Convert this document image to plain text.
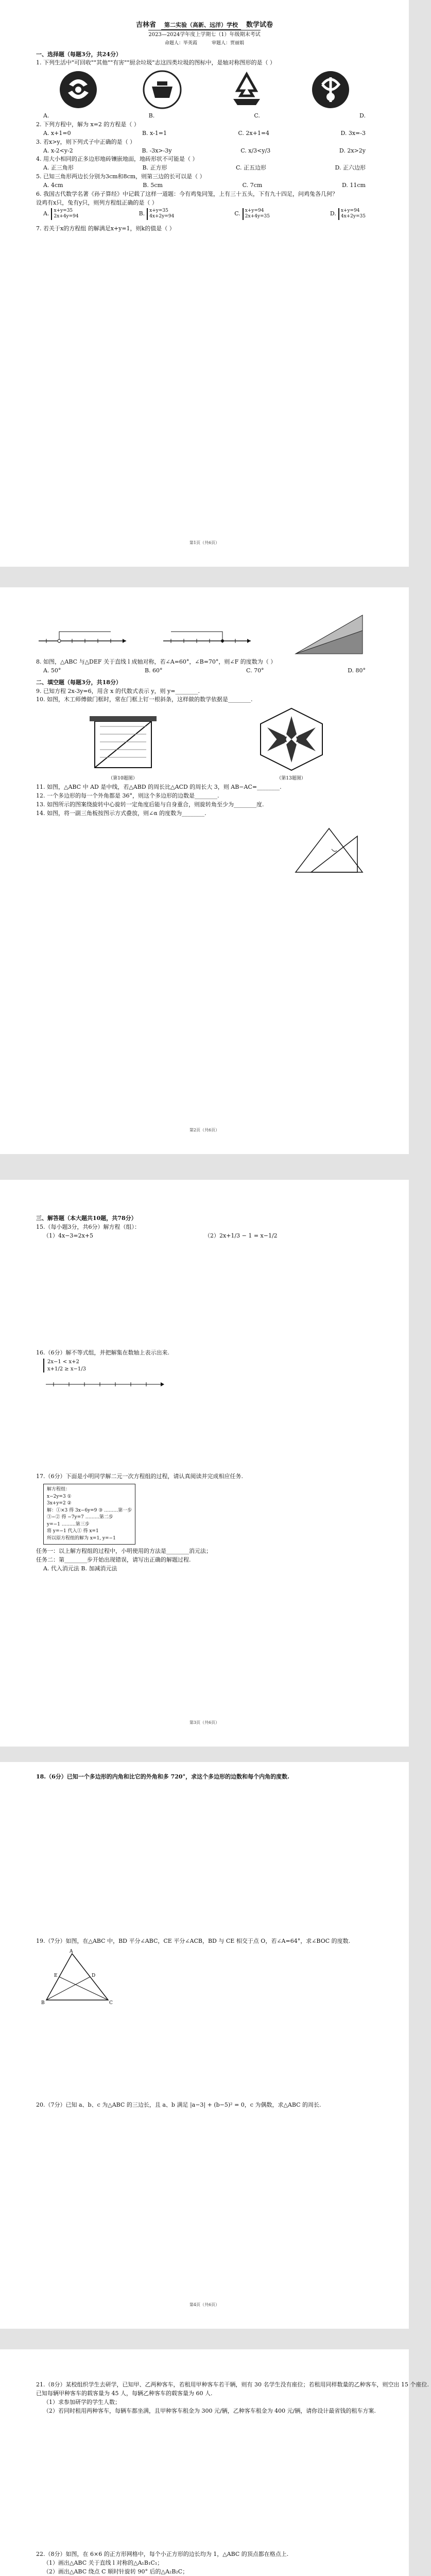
吉林省	第二实验（高新、远洋）学校	数学试卷
2023—2024学年度上学期七（1）年级期末考试
命题人：毕英霞	审题人：贾丽娟
一、选择题（每题3分，共24分）
1. 下列生活中"可回收""其他""有害""厨余垃圾"志这四类垃圾的图标中，是轴对称图形的是（ ）
A.	B.	C.	D.
2. 下列方程中，解为 x=2 的方程是（ ）
A. x+1=0	B. x-1=1	C. 2x+1=4	D. 3x=-3
3. 若x>y，则下列式子中正确的是（ ）
A. x-2<y-2	B. -3x>-3y	C. x/3<y/3	D. 2x>2y
4. 用大小相同的正多边形地砖镶嵌地面，地砖形状不可能是（ ）
A. 正三角形	B. 正方形	C. 正五边形	D. 正六边形
5. 已知三角形两边长分别为3cm和8cm，则第三边的长可以是（ ）
A. 4cm	B. 5cm	C. 7cm	D. 11cm
6. 我国古代数学名著《孙子算经》中记载了这样一道题：今有鸡兔同笼，上有三十五头，下有九十四足，问鸡兔各几何？
设鸡有x只，兔有y只，则列方程组正确的是（ ）
A. x+y=35
2x+4y=94	B. x+y=35
4x+2y=94	C. x+y=94
2x+4y=35	D. x+y=94
4x+2y=35
7. 若关于x的方程组 的解满足x+y=1，则k的值是（ ）
第1页（共6页）
8. 如图，△ABC 与△DEF 关于直线 l 成轴对称，若∠A=60°，∠B=70°，则∠F 的度数为（ ）
A. 50°	B. 60°	C. 70°	D. 80°
二、填空题（每题3分，共18分）
9. 已知方程 2x-3y=6，用含 x 的代数式表示 y，则 y=________.
10. 如图，木工师傅做门框时，常在门框上钉一根斜条，这样做的数学依据是________.
（第10题图）	（第13题图）
11. 如图，△ABC 中 AD 是中线，若△ABD 的周长比△ACD 的周长大 3，则 AB−AC=________.
12. 一个多边形的每一个外角都是 36°，则这个多边形的边数是________.
13. 如图所示的图案绕旋转中心旋转一定角度后能与自身重合，则旋转角至少为________度.
14. 如图，将一副三角板按图示方式叠放，则∠α 的度数为________.
第2页（共6页）
三、解答题（本大题共10题，共78分）
15.（每小题3分，共6分）解方程（组）：
（1）4x−3=2x+5	（2）2x+1/3 − 1 = x−1/2
16.（6分）解不等式组，并把解集在数轴上表示出来.
2x−1 < x+2
x+1/2 ≥ x−1/3
17.（6分）下面是小明同学解二元一次方程组的过程，请认真阅读并完成相应任务.
解方程组：
x−2y=3 ①
3x+y=2 ②
解：①×3 得 3x−6y=9 ③ ………第一步
③−② 得 −7y=7 ………第二步
y=−1 ………第三步
将 y=−1 代入① 得 x=1
所以原方程组的解为 x=1, y=−1
任务一：以上解方程组的过程中，小明使用的方法是________消元法；
任务二：第________步开始出现错误，请写出正确的解题过程.
A. 代入消元法 B. 加减消元法
第3页（共6页）
18.（6分）已知一个多边形的内角和比它的外角和多 720°，求这个多边形的边数和每个内角的度数.
19.（7分）如图，在△ABC 中，BD 平分∠ABC，CE 平分∠ACB，BD 与 CE 相交于点 O，若∠A=64°，求∠BOC 的度数.
A
B	C
D
E
20.（7分）已知 a、b、c 为△ABC 的三边长，且 a、b 满足 |a−3| + (b−5)² = 0，c 为偶数，求△ABC 的周长.
第4页（共6页）
21.（8分）某校组织学生去研学，已知甲、乙两种客车，若租用甲种客车若干辆，则有 30 名学生没有座位；若租用同样数量的乙种客车，则空出 15 个座位.
已知每辆甲种客车的载客量为 45 人，每辆乙种客车的载客量为 60 人.
（1）求参加研学的学生人数；
（2）若同时租用两种客车，每辆车都坐满，且甲种客车租金为 300 元/辆，乙种客车租金为 400 元/辆，请你设计最省钱的租车方案.
22.（8分）如图，在 6×6 的正方形网格中，每个小正方形的边长均为 1，△ABC 的顶点都在格点上.
（1）画出△ABC 关于直线 l 对称的△A₁B₁C₁；
（2）画出△ABC 绕点 C 顺时针旋转 90° 后的△A₂B₂C；
